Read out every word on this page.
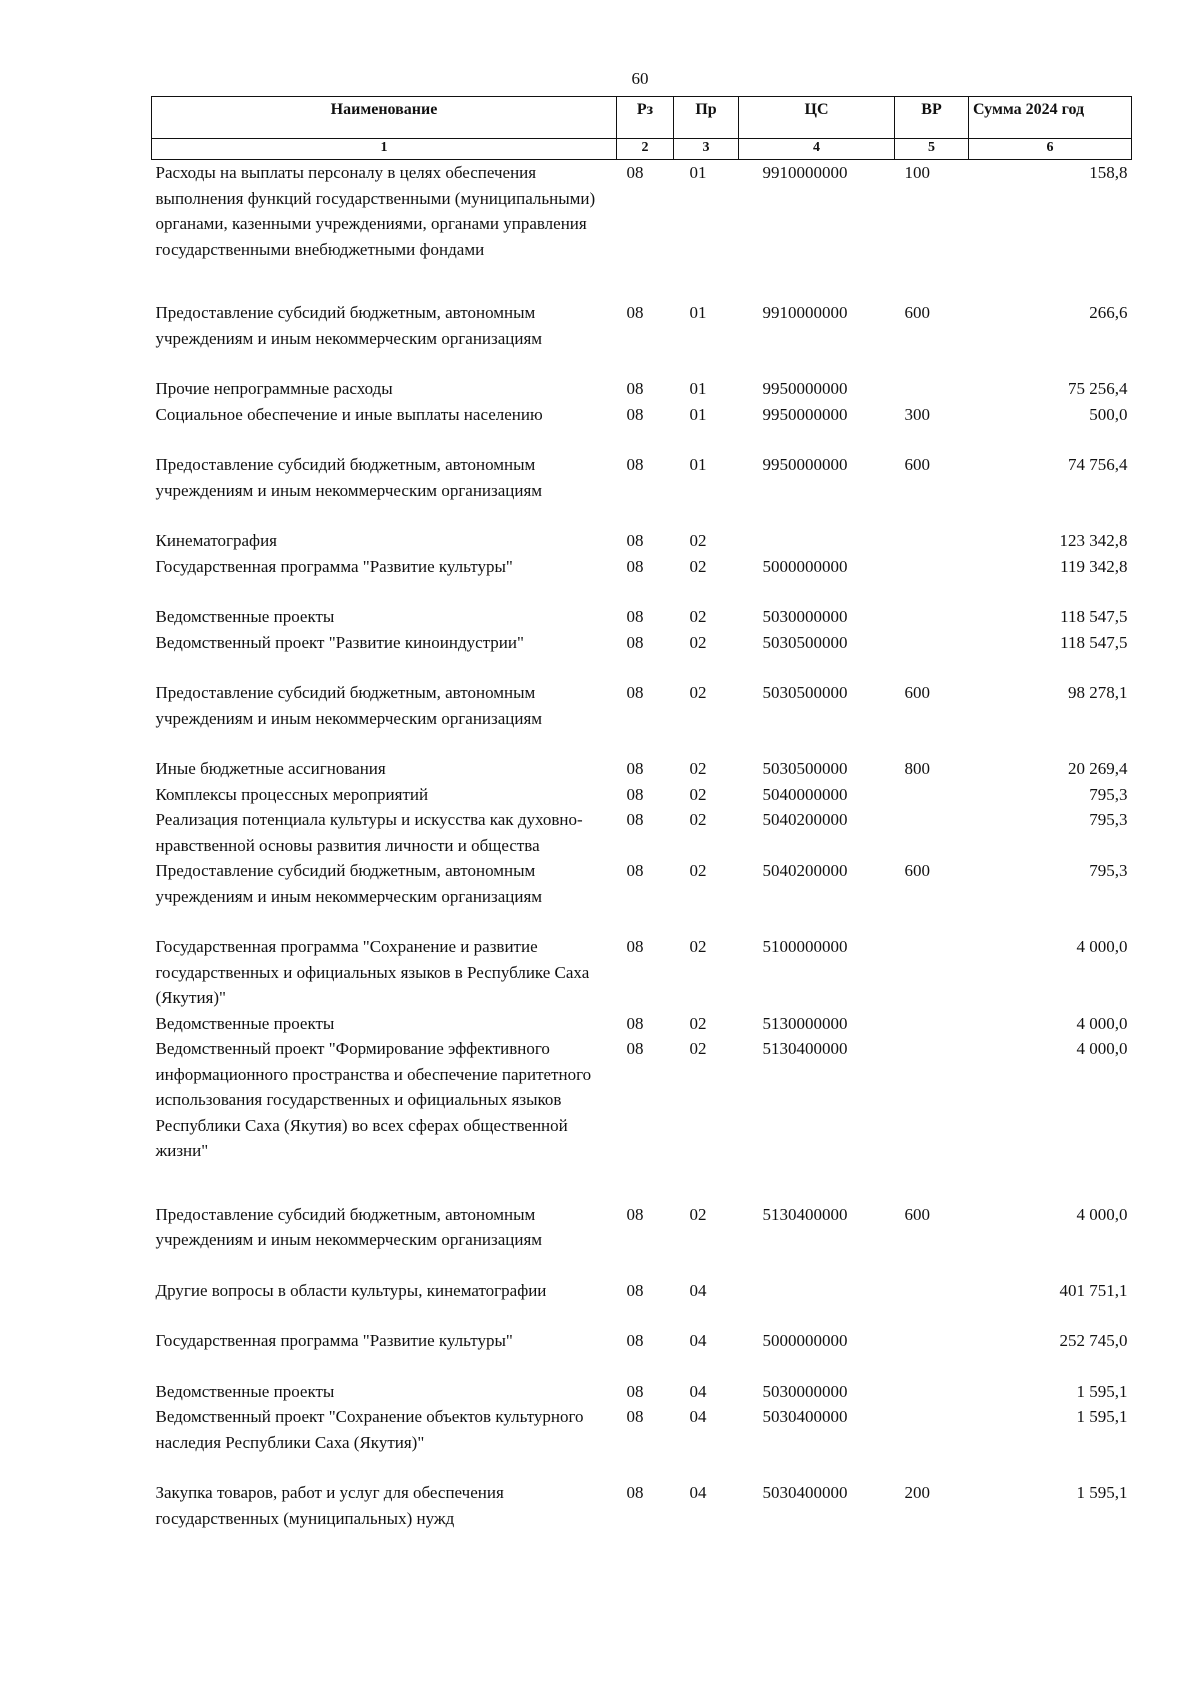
60
Наименование	Рз	Пр	ЦС	ВР	Сумма 2024 год
1	2	3	4	5	6
Расходы на выплаты персоналу в целях обеспечения выполнения функций государственными (муниципальными) органами, казенными учреждениями, органами управления государственными внебюджетными фондами	08	01	9910000000	100	158,8
Предоставление субсидий бюджетным, автономным учреждениям и иным некоммерческим организациям	08	01	9910000000	600	266,6
Прочие непрограммные расходы	08	01	9950000000		75 256,4
Социальное обеспечение и иные выплаты населению	08	01	9950000000	300	500,0
Предоставление субсидий бюджетным, автономным учреждениям и иным некоммерческим организациям	08	01	9950000000	600	74 756,4
Кинематография	08	02			123 342,8
Государственная программа "Развитие культуры"	08	02	5000000000		119 342,8
Ведомственные проекты	08	02	5030000000		118 547,5
Ведомственный проект "Развитие киноиндустрии"	08	02	5030500000		118 547,5
Предоставление субсидий бюджетным, автономным учреждениям и иным некоммерческим организациям	08	02	5030500000	600	98 278,1
Иные бюджетные ассигнования	08	02	5030500000	800	20 269,4
Комплексы процессных мероприятий	08	02	5040000000		795,3
Реализация потенциала культуры и искусства как духовно-нравственной основы развития личности и общества	08	02	5040200000		795,3
Предоставление субсидий бюджетным, автономным учреждениям и иным некоммерческим организациям	08	02	5040200000	600	795,3
Государственная программа "Сохранение и развитие государственных и официальных языков в Республике Саха (Якутия)"	08	02	5100000000		4 000,0
Ведомственные проекты	08	02	5130000000		4 000,0
Ведомственный проект "Формирование эффективного информационного пространства и обеспечение паритетного использования государственных и официальных языков Республики Саха (Якутия) во всех сферах общественной жизни"	08	02	5130400000		4 000,0
Предоставление субсидий бюджетным, автономным учреждениям и иным некоммерческим организациям	08	02	5130400000	600	4 000,0
Другие вопросы в области культуры, кинематографии	08	04			401 751,1
Государственная программа "Развитие культуры"	08	04	5000000000		252 745,0
Ведомственные проекты	08	04	5030000000		1 595,1
Ведомственный проект "Сохранение объектов культурного наследия Республики Саха (Якутия)"	08	04	5030400000		1 595,1
Закупка товаров, работ и услуг для обеспечения государственных (муниципальных) нужд	08	04	5030400000	200	1 595,1
